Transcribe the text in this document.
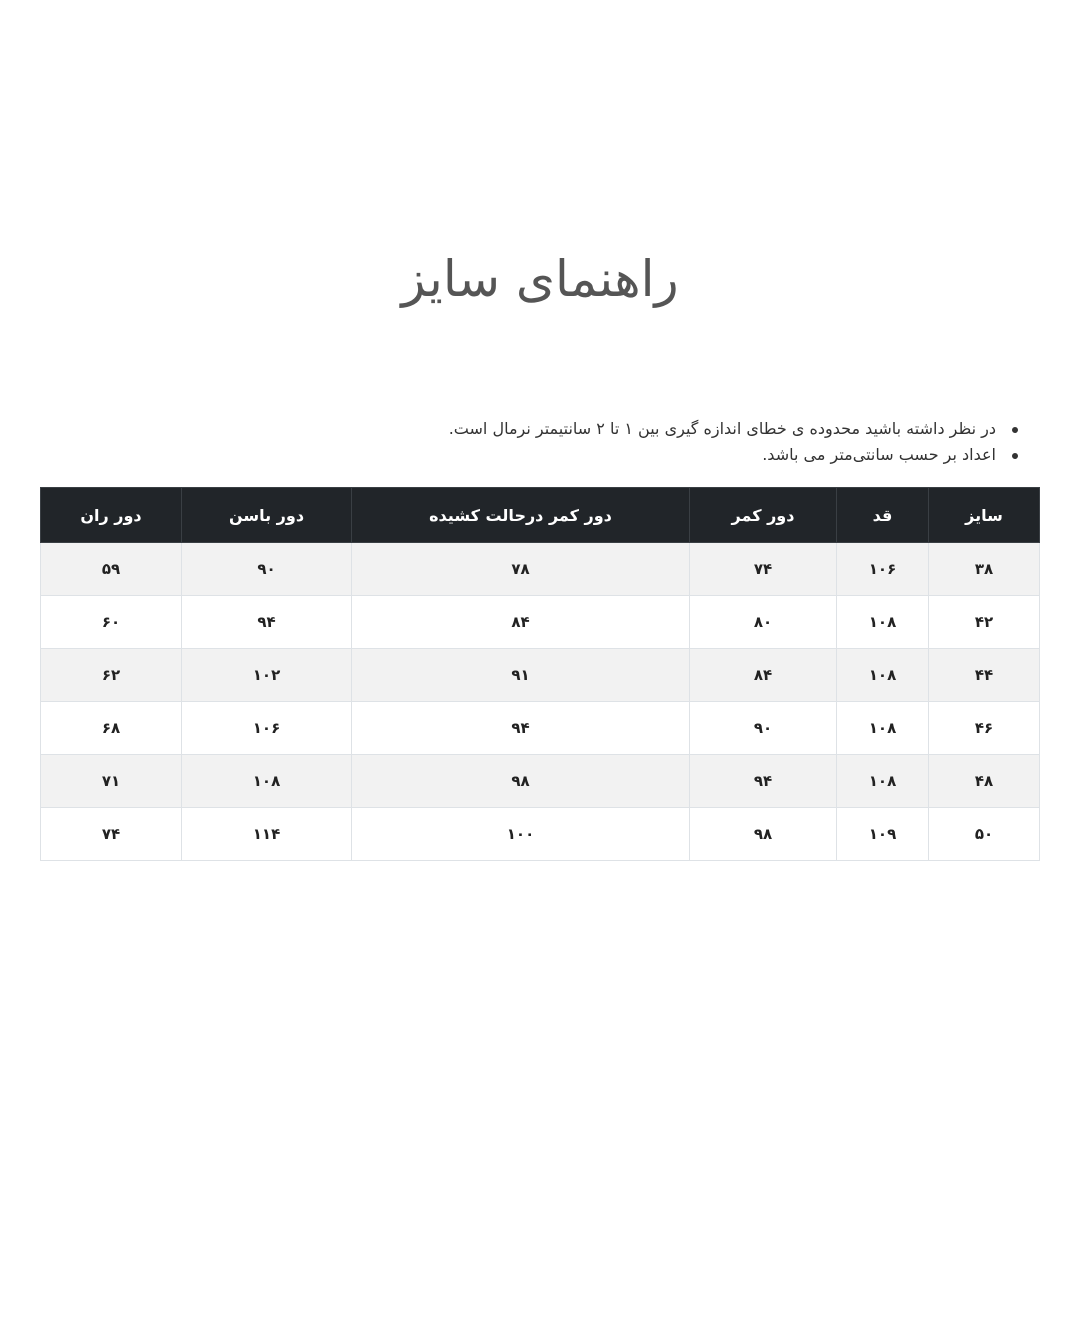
راهنمای سایز
در نظر داشته باشید محدوده ی خطای اندازه گیری بین ۱ تا ۲ سانتیمتر نرمال است.
اعداد بر حسب سانتی‌متر می باشد.
سایز	قد	دور کمر	دور کمر درحالت کشیده	دور باسن	دور ران
۳۸	۱۰۶	۷۴	۷۸	۹۰	۵۹
۴۲	۱۰۸	۸۰	۸۴	۹۴	۶۰
۴۴	۱۰۸	۸۴	۹۱	۱۰۲	۶۲
۴۶	۱۰۸	۹۰	۹۴	۱۰۶	۶۸
۴۸	۱۰۸	۹۴	۹۸	۱۰۸	۷۱
۵۰	۱۰۹	۹۸	۱۰۰	۱۱۴	۷۴
